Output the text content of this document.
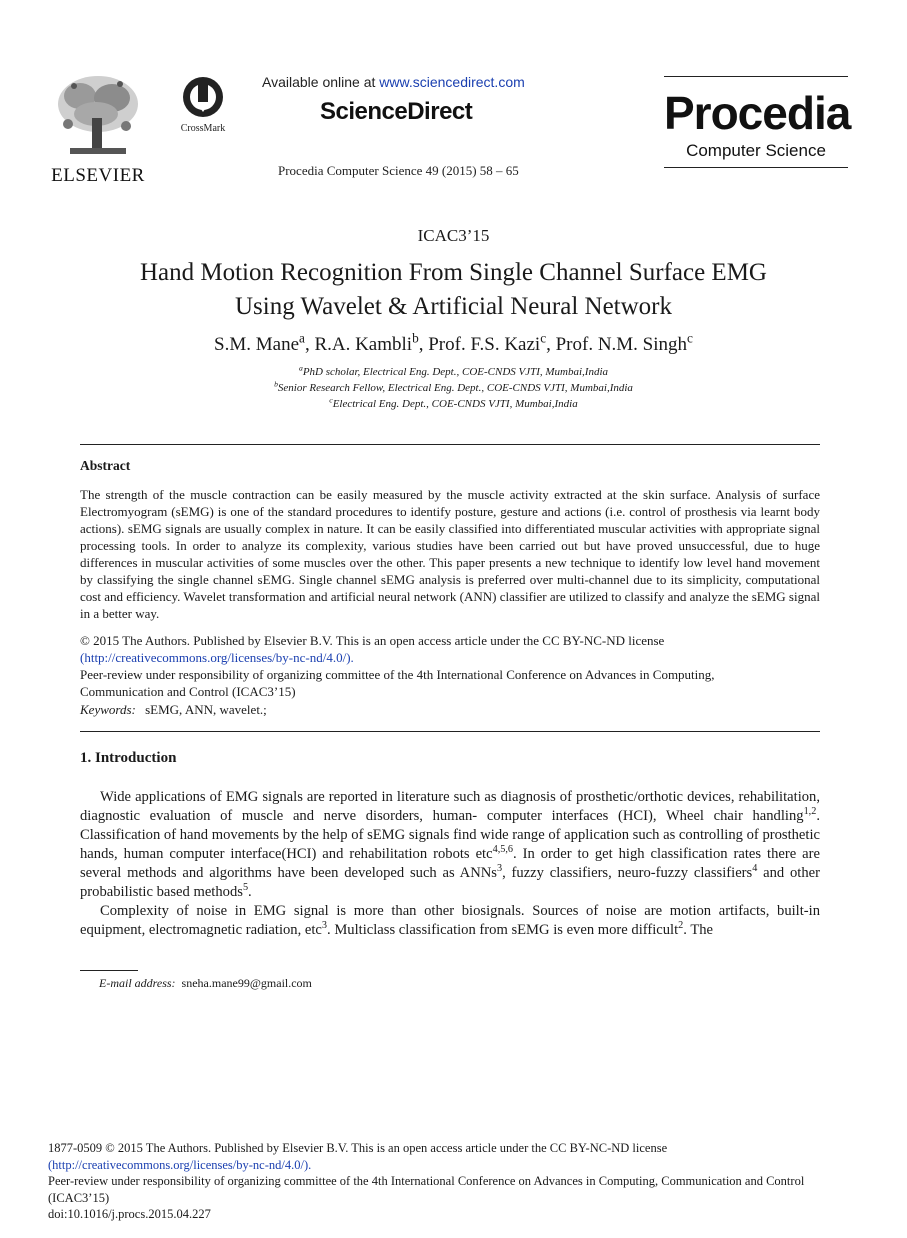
ELSEVIER
CrossMark
Available online at www.sciencedirect.com
ScienceDirect
Procedia Computer Science 49 (2015) 58 – 65
Procedia
Computer Science
ICAC3’15
Hand Motion Recognition From Single Channel Surface EMG
Using Wavelet & Artificial Neural Network
S.M. Mane$^a$, R.A. Kambli$^b$, Prof. F.S. Kazi$^c$, Prof. N.M. Singh$^c$
$^a$PhD scholar, Electrical Eng. Dept., COE-CNDS VJTI, Mumbai,India
$^b$Senior Research Fellow, Electrical Eng. Dept., COE-CNDS VJTI, Mumbai,India
$^c$Electrical Eng. Dept., COE-CNDS VJTI, Mumbai,India
Abstract
The strength of the muscle contraction can be easily measured by the muscle activity extracted at the skin surface. Analysis of surface Electromyogram (sEMG) is one of the standard procedures to identify posture, gesture and actions (i.e. control of prosthesis via learnt body actions). sEMG signals are usually complex in nature. It can be easily classified into differentiated muscular activities with appropriate signal processing tools. In order to analyze its complexity, various studies have been carried out but have proved unsuccessful, due to huge differences in muscular activities of some muscles over the other. This paper presents a new technique to identify low level hand movement by classifying the single channel sEMG. Single channel sEMG analysis is preferred over multi-channel due to its simplicity, computational cost and efficiency. Wavelet transformation and artificial neural network (ANN) classifier are utilized to classify and analyze the sEMG signal in a better way.
© 2015 The Authors. Published by Elsevier B.V. This is an open access article under the CC BY-NC-ND license
(http://creativecommons.org/licenses/by-nc-nd/4.0/).
Peer-review under responsibility of organizing committee of the 4th International Conference on Advances in Computing, Communication and Control (ICAC3’15)
Keywords: sEMG, ANN, wavelet.;
1. Introduction

Wide applications of EMG signals are reported in literature such as diagnosis of prosthetic/orthotic devices, rehabilitation, diagnostic evaluation of muscle and nerve disorders, human- computer interfaces (HCI), Wheel chair handling$^{1,2}$. Classification of hand movements by the help of sEMG signals find wide range of application such as controlling of prosthetic hands, human computer interface(HCI) and rehabilitation robots etc$^{4,5,6}$. In order to get high classification rates there are several methods and algorithms have been developed such as ANNs$^3$, fuzzy classifiers, neuro-fuzzy classifiers$^4$ and other probabilistic based methods$^5$.

Complexity of noise in EMG signal is more than other biosignals. Sources of noise are motion artifacts, built-in equipment, electromagnetic radiation, etc$^3$. Multiclass classification from sEMG is even more difficult$^2$. The

E-mail address: sneha.mane99@gmail.com
1877-0509 © 2015 The Authors. Published by Elsevier B.V. This is an open access article under the CC BY-NC-ND license
(http://creativecommons.org/licenses/by-nc-nd/4.0/).
Peer-review under responsibility of organizing committee of the 4th International Conference on Advances in Computing, Communication and Control (ICAC3’15)
doi:10.1016/j.procs.2015.04.227
